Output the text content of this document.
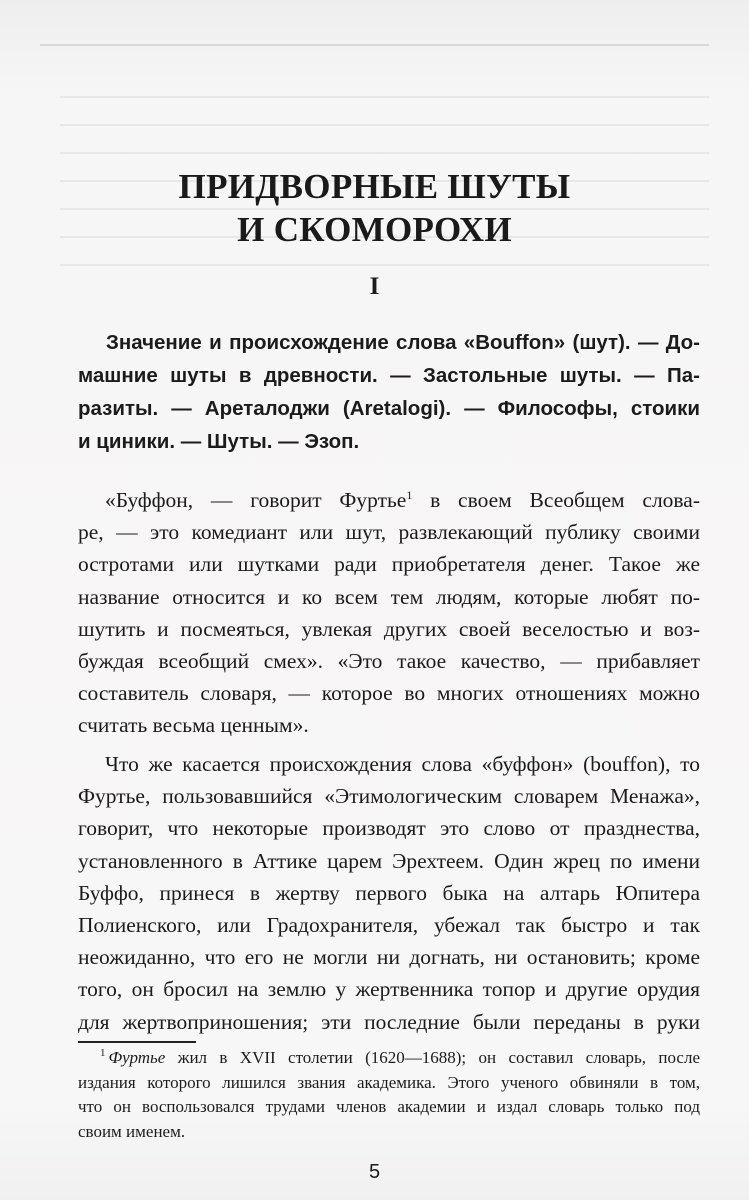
ПРИДВОРНЫЕ ШУТЫ
И СКОМОРОХИ
I
Значение и происхождение слова «Bouffon» (шут). — До-
машние шуты в древности. — Застольные шуты. — Па-
разиты. — Ареталоджи (Aretalogi). — Философы, стоики
и циники. — Шуты. — Эзоп.
«Буффон, — говорит Фуртье$^1$ в своем Всеобщем слова-
ре, — это комедиант или шут, развлекающий публику своими
остротами или шутками ради приобретателя денег. Такое же
название относится и ко всем тем людям, которые любят по-
шутить и посмеяться, увлекая других своей веселостью и воз-
буждая всеобщий смех». «Это такое качество, — прибавляет
составитель словаря, — которое во многих отношениях можно
считать весьма ценным».
Что же касается происхождения слова «буффон» (bouffon), то
Фуртье, пользовавшийся «Этимологическим словарем Менажа»,
говорит, что некоторые производят это слово от празднества,
установленного в Аттике царем Эрехтеем. Один жрец по имени
Буффо, принеся в жертву первого быка на алтарь Юпитера
Полиенского, или Градохранителя, убежал так быстро и так
неожиданно, что его не могли ни догнать, ни остановить; кроме
того, он бросил на землю у жертвенника топор и другие орудия
для жертвоприношения; эти последние были переданы в руки
$^1$ Фуртье жил в XVII столетии (1620—1688); он составил словарь, после
издания которого лишился звания академика. Этого ученого обвиняли в том,
что он воспользовался трудами членов академии и издал словарь только под
своим именем.
5
